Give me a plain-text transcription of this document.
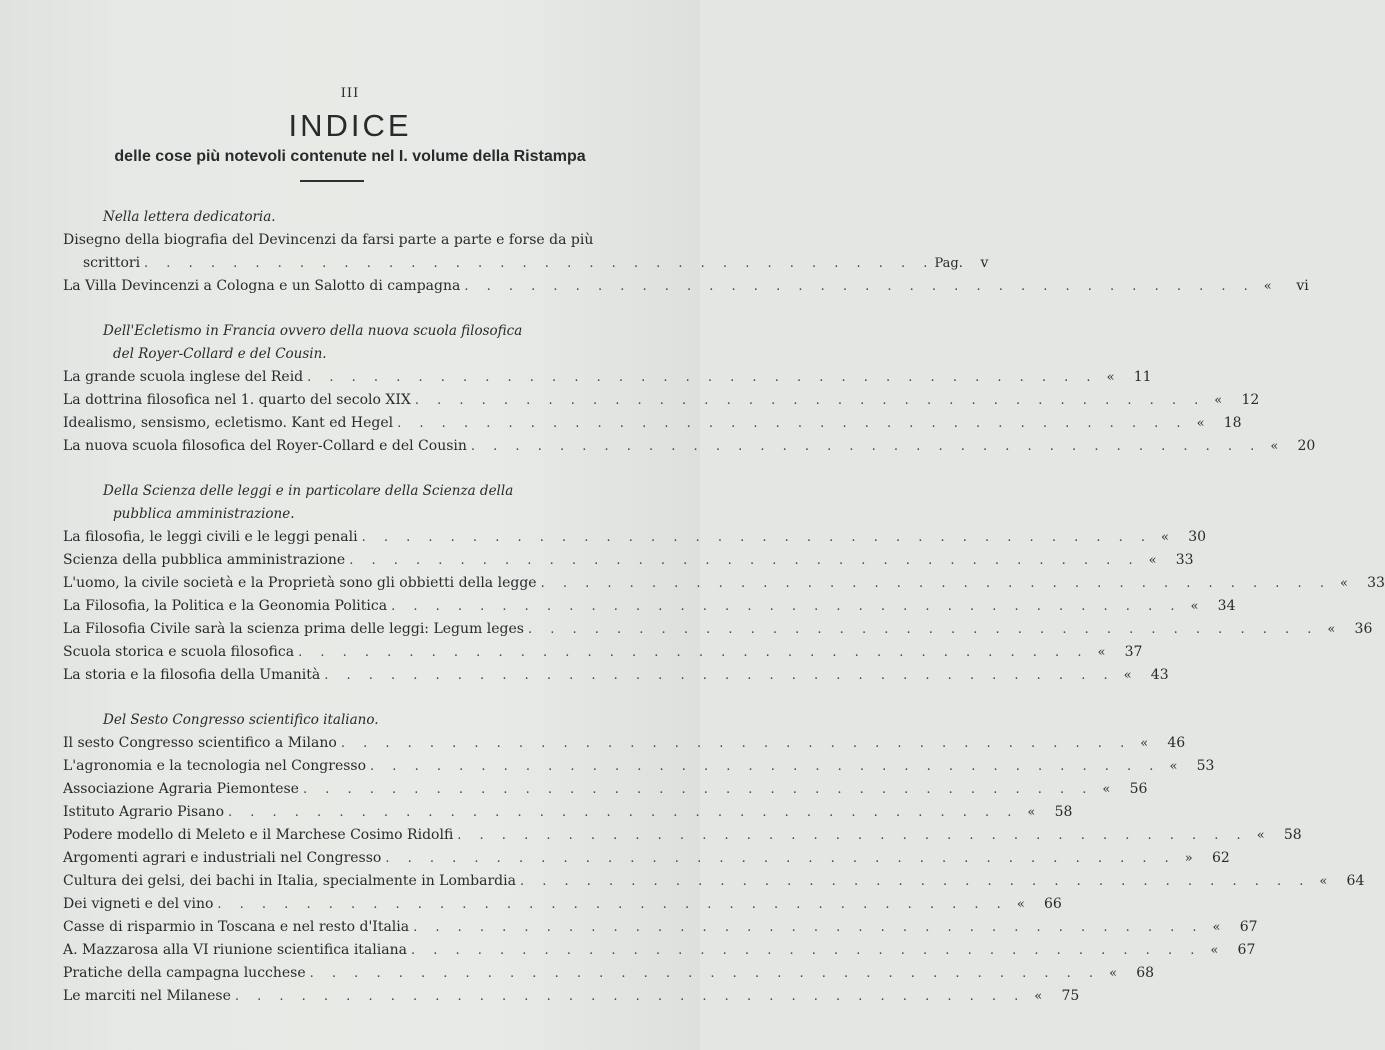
III
INDICE
delle cose più notevoli contenute nel I. volume della Ristampa
Nella lettera dedicatoria.
Disegno della biografia del Devincenzi da farsi parte a parte e forse da più
scrittori . . . . . . . . . . . . . . . . . . . . . . . . . . . . . . . . . . . . Pag.	v
La Villa Devincenzi a Cologna e un Salotto di campagna . . . . . . . . . . . . . . . . . . . . . . . . . . . . . . . . . . . . «	vi
Dell'Ecletismo in Francia ovvero della nuova scuola filosofica
del Royer-Collard e del Cousin.
La grande scuola inglese del Reid . . . . . . . . . . . . . . . . . . . . . . . . . . . . . . . . . . . . «	11
La dottrina filosofica nel 1. quarto del secolo XIX . . . . . . . . . . . . . . . . . . . . . . . . . . . . . . . . . . . . «	12
Idealismo, sensismo, ecletismo. Kant ed Hegel . . . . . . . . . . . . . . . . . . . . . . . . . . . . . . . . . . . . «	18
La nuova scuola filosofica del Royer-Collard e del Cousin . . . . . . . . . . . . . . . . . . . . . . . . . . . . . . . . . . . . «	20
Della Scienza delle leggi e in particolare della Scienza della
pubblica amministrazione.
La filosofia, le leggi civili e le leggi penali . . . . . . . . . . . . . . . . . . . . . . . . . . . . . . . . . . . . «	30
Scienza della pubblica amministrazione . . . . . . . . . . . . . . . . . . . . . . . . . . . . . . . . . . . . «	33
L'uomo, la civile società e la Proprietà sono gli obbietti della legge . . . . . . . . . . . . . . . . . . . . . . . . . . . . . . . . . . . . «	33
La Filosofia, la Politica e la Geonomia Politica . . . . . . . . . . . . . . . . . . . . . . . . . . . . . . . . . . . . «	34
La Filosofia Civile sarà la scienza prima delle leggi: Legum leges . . . . . . . . . . . . . . . . . . . . . . . . . . . . . . . . . . . . «	36
Scuola storica e scuola filosofica . . . . . . . . . . . . . . . . . . . . . . . . . . . . . . . . . . . . «	37
La storia e la filosofia della Umanità . . . . . . . . . . . . . . . . . . . . . . . . . . . . . . . . . . . . «	43
Del Sesto Congresso scientifico italiano.
Il sesto Congresso scientifico a Milano . . . . . . . . . . . . . . . . . . . . . . . . . . . . . . . . . . . . «	46
L'agronomia e la tecnologia nel Congresso . . . . . . . . . . . . . . . . . . . . . . . . . . . . . . . . . . . . «	53
Associazione Agraria Piemontese . . . . . . . . . . . . . . . . . . . . . . . . . . . . . . . . . . . . «	56
Istituto Agrario Pisano . . . . . . . . . . . . . . . . . . . . . . . . . . . . . . . . . . . . «	58
Podere modello di Meleto e il Marchese Cosimo Ridolfi . . . . . . . . . . . . . . . . . . . . . . . . . . . . . . . . . . . . «	58
Argomenti agrari e industriali nel Congresso . . . . . . . . . . . . . . . . . . . . . . . . . . . . . . . . . . . . »	62
Cultura dei gelsi, dei bachi in Italia, specialmente in Lombardia . . . . . . . . . . . . . . . . . . . . . . . . . . . . . . . . . . . . «	64
Dei vigneti e del vino . . . . . . . . . . . . . . . . . . . . . . . . . . . . . . . . . . . . «	66
Casse di risparmio in Toscana e nel resto d'Italia . . . . . . . . . . . . . . . . . . . . . . . . . . . . . . . . . . . . «	67
A. Mazzarosa alla VI riunione scientifica italiana . . . . . . . . . . . . . . . . . . . . . . . . . . . . . . . . . . . . «	67
Pratiche della campagna lucchese . . . . . . . . . . . . . . . . . . . . . . . . . . . . . . . . . . . . «	68
Le marciti nel Milanese . . . . . . . . . . . . . . . . . . . . . . . . . . . . . . . . . . . . «	75
